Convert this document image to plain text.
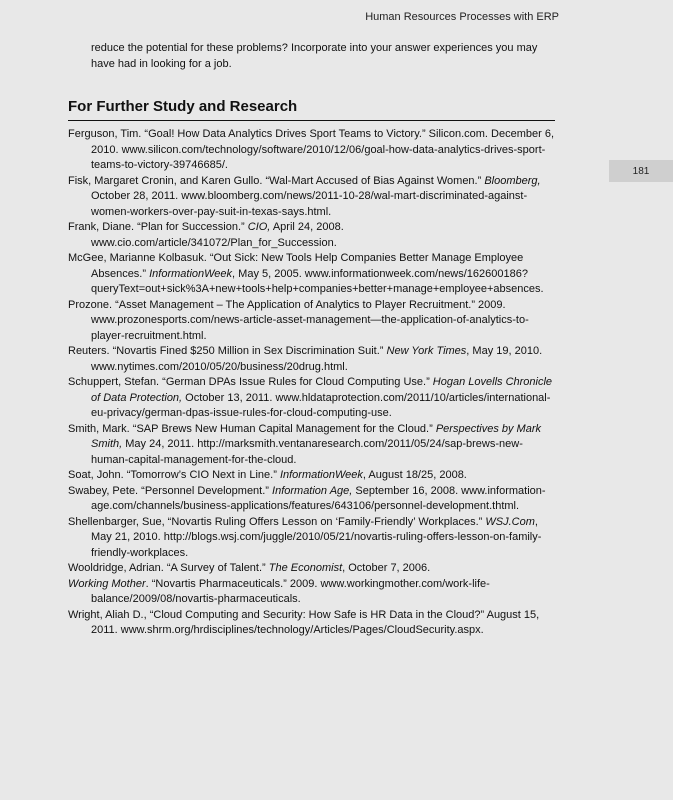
Human Resources Processes with ERP
181

reduce the potential for these problems? Incorporate into your answer experiences you may have had in looking for a job.

For Further Study and Research
Ferguson, Tim. “Goal! How Data Analytics Drives Sport Teams to Victory.” Silicon.com. December 6, 2010. www.silicon.com/technology/software/2010/12/06/goal-how-data-analytics-drives-sport-teams-to-victory-39746685/.
Fisk, Margaret Cronin, and Karen Gullo. “Wal-Mart Accused of Bias Against Women.” Bloomberg, October 28, 2011. www.bloomberg.com/news/2011-10-28/wal-mart-discriminated-against-women-workers-over-pay-suit-in-texas-says.html.
Frank, Diane. “Plan for Succession.” CIO, April 24, 2008. www.cio.com/article/341072/Plan_for_Succession.
McGee, Marianne Kolbasuk. “Out Sick: New Tools Help Companies Better Manage Employee Absences.” InformationWeek, May 5, 2005. www.informationweek.com/news/162600186?queryText=out+sick%3A+new+tools+help+companies+better+manage+employee+absences.
Prozone. “Asset Management – The Application of Analytics to Player Recruitment.” 2009. www.prozonesports.com/news-article-asset-management—the-application-of-analytics-to-player-recruitment.html.
Reuters. “Novartis Fined $250 Million in Sex Discrimination Suit.” New York Times, May 19, 2010. www.nytimes.com/2010/05/20/business/20drug.html.
Schuppert, Stefan. “German DPAs Issue Rules for Cloud Computing Use.” Hogan Lovells Chronicle of Data Protection, October 13, 2011. www.hldataprotection.com/2011/10/articles/international-eu-privacy/german-dpas-issue-rules-for-cloud-computing-use.
Smith, Mark. “SAP Brews New Human Capital Management for the Cloud.” Perspectives by Mark Smith, May 24, 2011. http://marksmith.ventanaresearch.com/2011/05/24/sap-brews-new-human-capital-management-for-the-cloud.
Soat, John. “Tomorrow’s CIO Next in Line.” InformationWeek, August 18/25, 2008.
Swabey, Pete. “Personnel Development.” Information Age, September 16, 2008. www.information-age.com/channels/business-applications/features/643106/personnel-development.thtml.
Shellenbarger, Sue, “Novartis Ruling Offers Lesson on ‘Family-Friendly’ Workplaces.” WSJ.Com, May 21, 2010. http://blogs.wsj.com/juggle/2010/05/21/novartis-ruling-offers-lesson-on-family-friendly-workplaces.
Wooldridge, Adrian. “A Survey of Talent.” The Economist, October 7, 2006.
Working Mother. “Novartis Pharmaceuticals.” 2009. www.workingmother.com/work-life-balance/2009/08/novartis-pharmaceuticals.
Wright, Aliah D., “Cloud Computing and Security: How Safe is HR Data in the Cloud?” August 15, 2011. www.shrm.org/hrdisciplines/technology/Articles/Pages/CloudSecurity.aspx.
